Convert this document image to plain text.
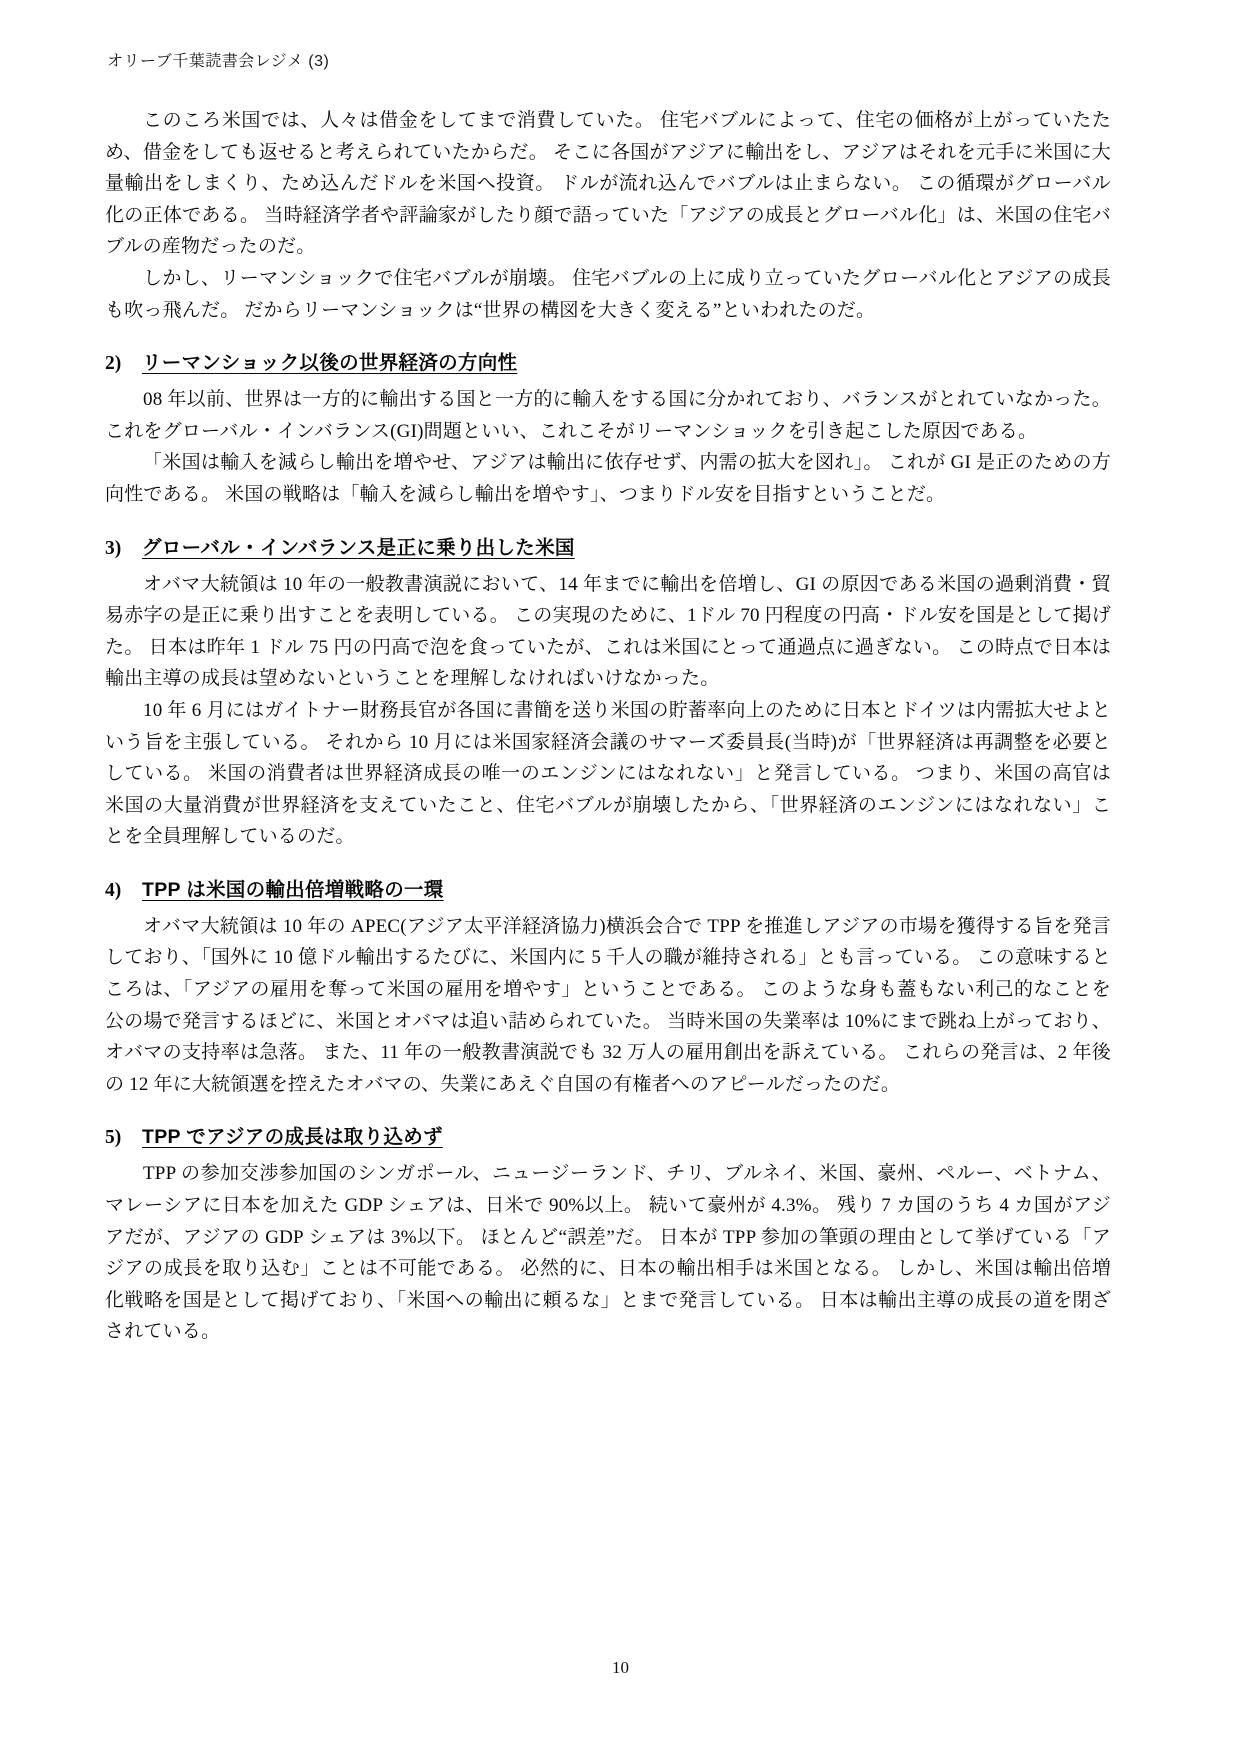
オリーブ千葉読書会レジメ (3)

このころ米国では、人々は借金をしてまで消費していた。 住宅バブルによって、住宅の価格が上がっていたため、借金をしても返せると考えられていたからだ。 そこに各国がアジアに輸出をし、アジアはそれを元手に米国に大量輸出をしまくり、ため込んだドルを米国へ投資。 ドルが流れ込んでバブルは止まらない。 この循環がグローバル化の正体である。 当時経済学者や評論家がしたり顔で語っていた「アジアの成長とグローバル化」は、米国の住宅バブルの産物だったのだ。

しかし、リーマンショックで住宅バブルが崩壊。 住宅バブルの上に成り立っていたグローバル化とアジアの成長も吹っ飛んだ。 だからリーマンショックは“世界の構図を大きく変える”といわれたのだ。

2)	リーマンショック以後の世界経済の方向性

08 年以前、世界は一方的に輸出する国と一方的に輸入をする国に分かれており、バランスがとれていなかった。 これをグローバル・インバランス(GI)問題といい、これこそがリーマンショックを引き起こした原因である。

「米国は輸入を減らし輸出を増やせ、アジアは輸出に依存せず、内需の拡大を図れ」。 これが GI 是正のための方向性である。 米国の戦略は「輸入を減らし輸出を増やす」、つまりドル安を目指すということだ。

3)	グローバル・インバランス是正に乗り出した米国

オバマ大統領は 10 年の一般教書演説において、14 年までに輸出を倍増し、GI の原因である米国の過剰消費・貿易赤字の是正に乗り出すことを表明している。 この実現のために、1ドル 70 円程度の円高・ドル安を国是として掲げた。 日本は昨年 1 ドル 75 円の円高で泡を食っていたが、これは米国にとって通過点に過ぎない。 この時点で日本は輸出主導の成長は望めないということを理解しなければいけなかった。

10 年 6 月にはガイトナー財務長官が各国に書簡を送り米国の貯蓄率向上のために日本とドイツは内需拡大せよという旨を主張している。 それから 10 月には米国家経済会議のサマーズ委員長(当時)が「世界経済は再調整を必要としている。 米国の消費者は世界経済成長の唯一のエンジンにはなれない」と発言している。 つまり、米国の高官は米国の大量消費が世界経済を支えていたこと、住宅バブルが崩壊したから、「世界経済のエンジンにはなれない」ことを全員理解しているのだ。

4)	TPP は米国の輸出倍増戦略の一環

オバマ大統領は 10 年の APEC(アジア太平洋経済協力)横浜会合で TPP を推進しアジアの市場を獲得する旨を発言しており、「国外に 10 億ドル輸出するたびに、米国内に 5 千人の職が維持される」とも言っている。 この意味するところは、「アジアの雇用を奪って米国の雇用を増やす」ということである。 このような身も蓋もない利己的なことを公の場で発言するほどに、米国とオバマは追い詰められていた。 当時米国の失業率は 10%にまで跳ね上がっており、オバマの支持率は急落。 また、11 年の一般教書演説でも 32 万人の雇用創出を訴えている。 これらの発言は、2 年後の 12 年に大統領選を控えたオバマの、失業にあえぐ自国の有権者へのアピールだったのだ。

5)	TPP でアジアの成長は取り込めず

TPP の参加交渉参加国のシンガポール、ニュージーランド、チリ、ブルネイ、米国、豪州、ペルー、ベトナム、マレーシアに日本を加えた GDP シェアは、日米で 90%以上。 続いて豪州が 4.3%。 残り 7 カ国のうち 4 カ国がアジアだが、アジアの GDP シェアは 3%以下。 ほとんど“誤差”だ。 日本が TPP 参加の筆頭の理由として挙げている「アジアの成長を取り込む」ことは不可能である。 必然的に、日本の輸出相手は米国となる。 しかし、米国は輸出倍増化戦略を国是として掲げており、「米国への輸出に頼るな」とまで発言している。 日本は輸出主導の成長の道を閉ざされている。

10
